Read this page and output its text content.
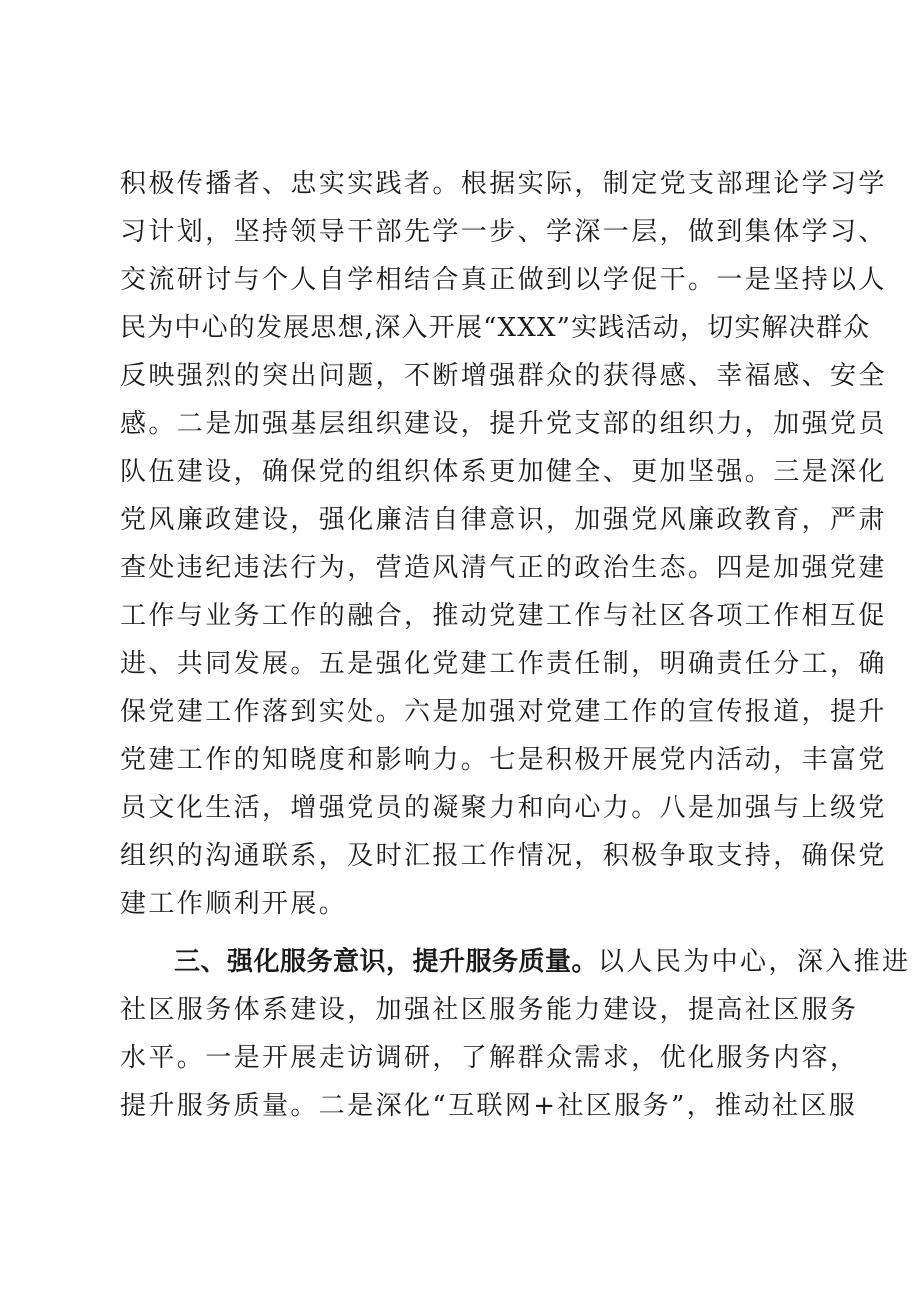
积极传播者、忠实实践者。根据实际，制定党支部理论学习学
习计划，坚持领导干部先学一步、学深一层，做到集体学习、
交流研讨与个人自学相结合真正做到以学促干。一是坚持以人
民为中心的发展思想,深入开展“XXX”实践活动，切实解决群众
反映强烈的突出问题，不断增强群众的获得感、幸福感、安全
感。二是加强基层组织建设，提升党支部的组织力，加强党员
队伍建设，确保党的组织体系更加健全、更加坚强。三是深化
党风廉政建设，强化廉洁自律意识，加强党风廉政教育，严肃
查处违纪违法行为，营造风清气正的政治生态。四是加强党建
工作与业务工作的融合，推动党建工作与社区各项工作相互促
进、共同发展。五是强化党建工作责任制，明确责任分工，确
保党建工作落到实处。六是加强对党建工作的宣传报道，提升
党建工作的知晓度和影响力。七是积极开展党内活动，丰富党
员文化生活，增强党员的凝聚力和向心力。八是加强与上级党
组织的沟通联系，及时汇报工作情况，积极争取支持，确保党
建工作顺利开展。
三、强化服务意识，提升服务质量。以人民为中心，深入推进
社区服务体系建设，加强社区服务能力建设，提高社区服务
水平。一是开展走访调研，了解群众需求，优化服务内容，
提升服务质量。二是深化“互联网+社区服务”，推动社区服
